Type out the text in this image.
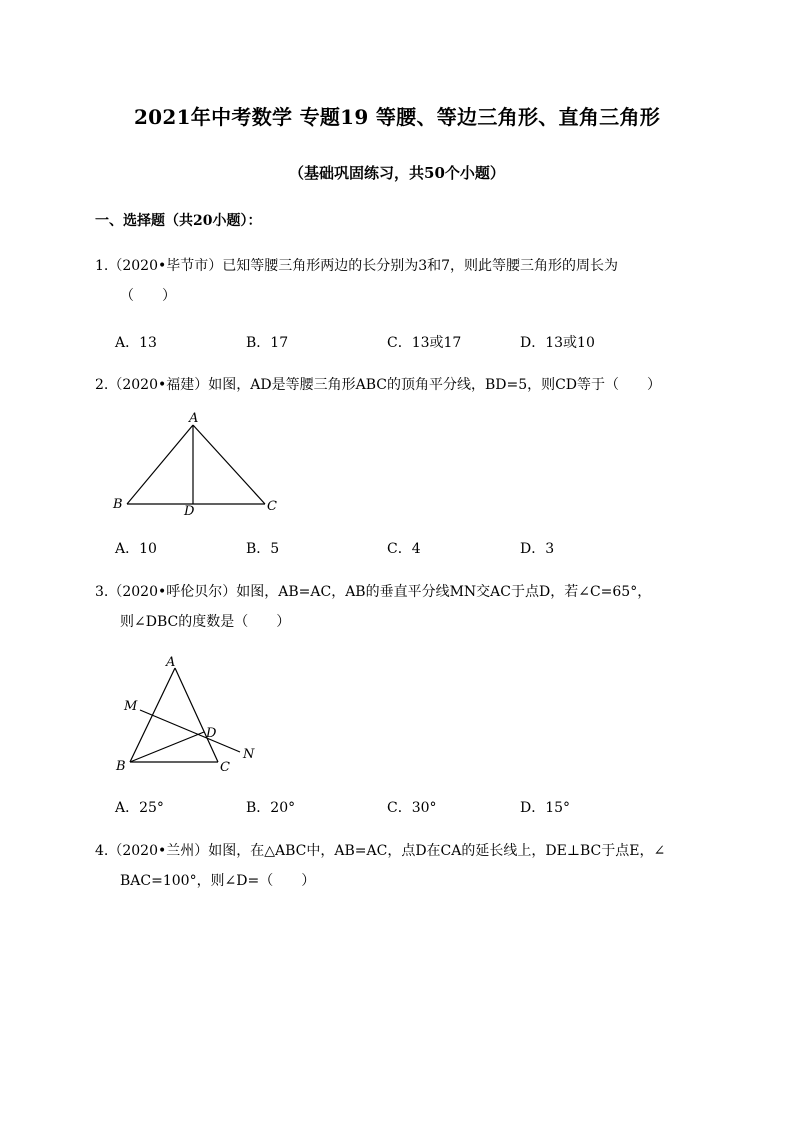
2021年中考数学 专题19 等腰、等边三角形、直角三角形
（基础巩固练习，共50个小题）
一、选择题（共20小题）：
1.（2020•毕节市）已知等腰三角形两边的长分别为3和7，则此等腰三角形的周长为
（　　）
A．13	B．17	C．13或17	D．13或10
2.（2020•福建）如图，AD是等腰三角形ABC的顶角平分线，BD=5，则CD等于（　　）
A
B	C
D
A．10	B．5	C．4	D．3
3.（2020•呼伦贝尔）如图，AB=AC，AB的垂直平分线MN交AC于点D，若∠C=65°，
则∠DBC的度数是（　　）
A
M
D
N
B	C
A．25°	B．20°	C．30°	D．15°
4.（2020•兰州）如图，在△ABC中，AB=AC，点D在CA的延长线上，DE⊥BC于点E，∠
BAC=100°，则∠D=（　　）
